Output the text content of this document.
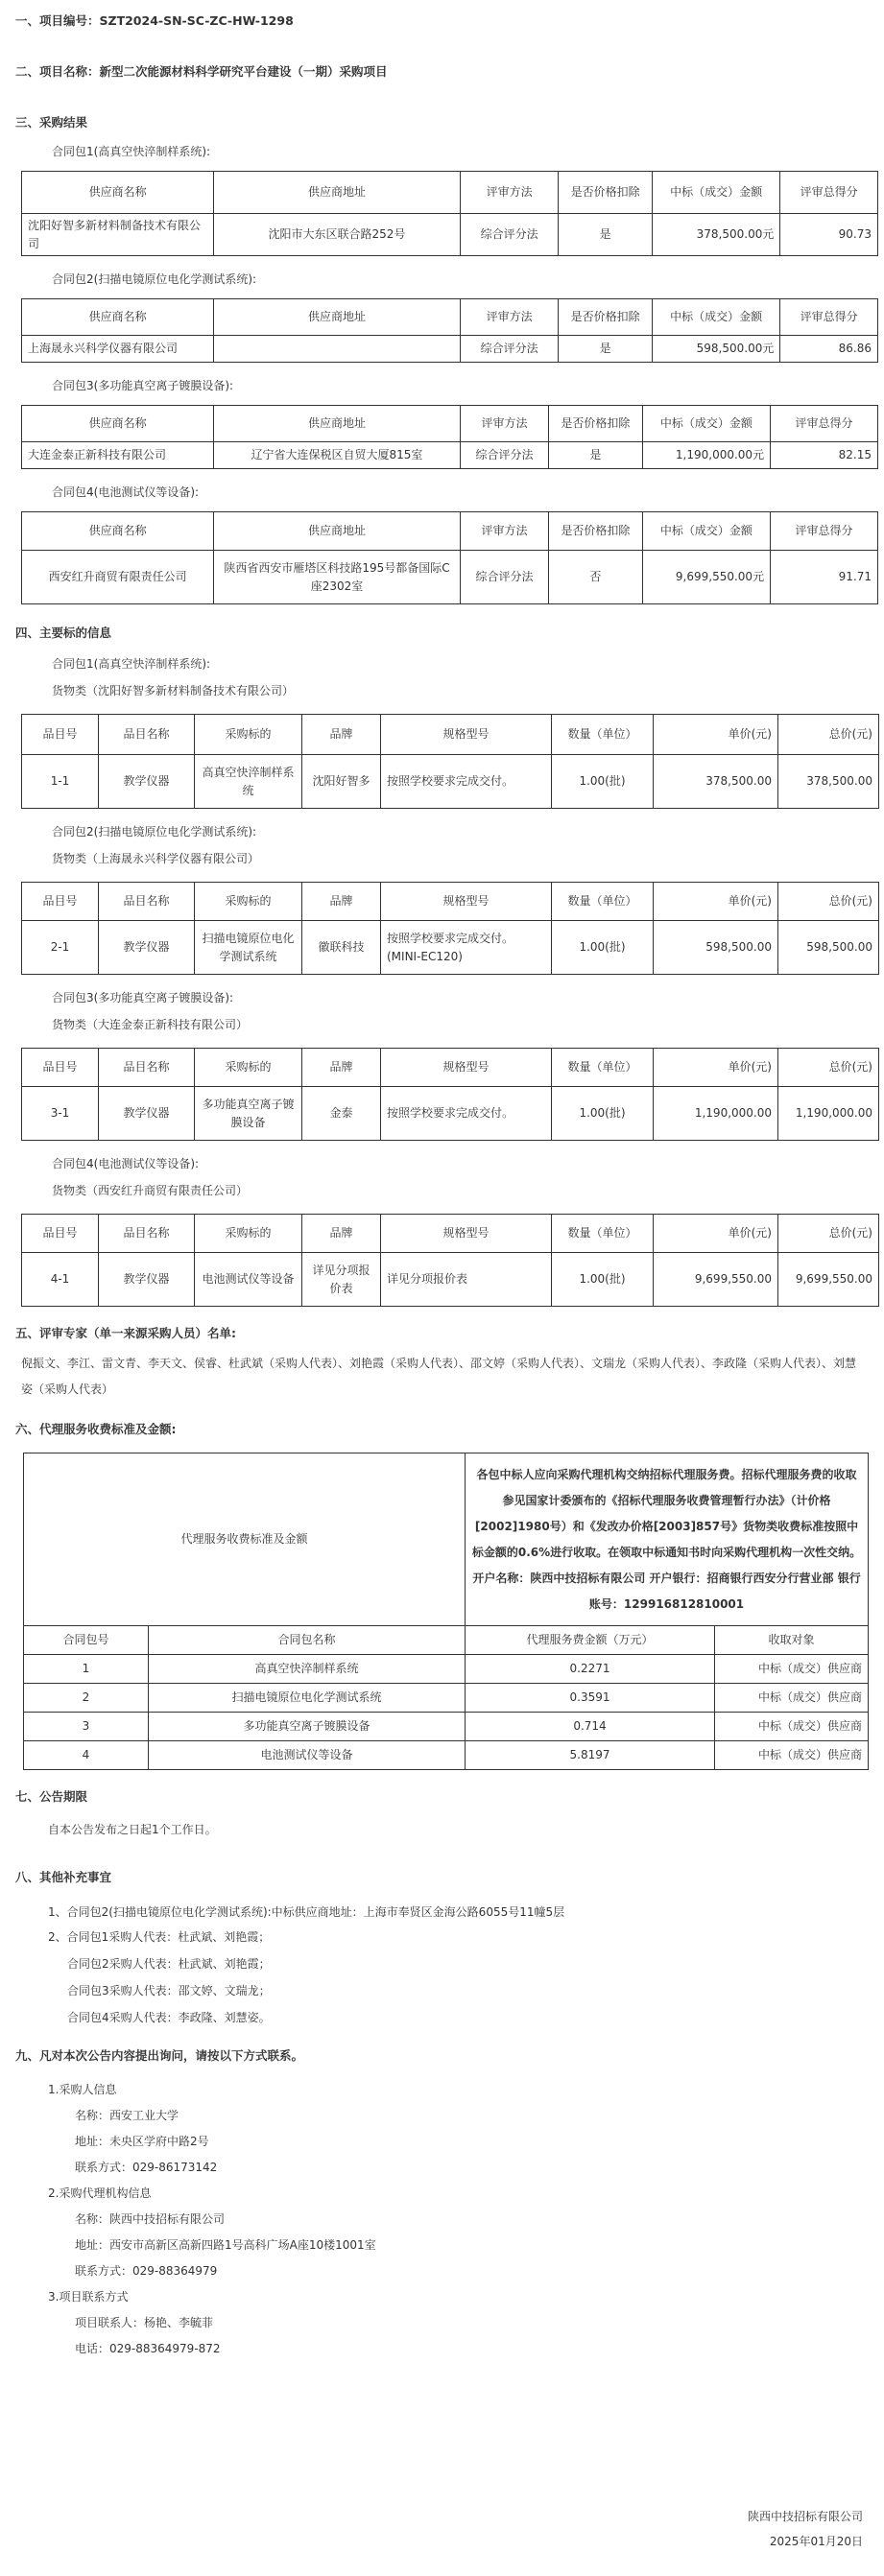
一、项目编号：SZT2024-SN-SC-ZC-HW-1298

二、项目名称：新型二次能源材料科学研究平台建设（一期）采购项目

三、采购结果

合同包1(高真空快淬制样系统):

供应商名称	供应商地址	评审方法	是否价格扣除	中标（成交）金额	评审总得分
沈阳好智多新材料制备技术有限公司	沈阳市大东区联合路252号	综合评分法	是	378,500.00元	90.73

合同包2(扫描电镜原位电化学测试系统):

供应商名称	供应商地址	评审方法	是否价格扣除	中标（成交）金额	评审总得分
上海晟永兴科学仪器有限公司		综合评分法	是	598,500.00元	86.86

合同包3(多功能真空离子镀膜设备):

供应商名称	供应商地址	评审方法	是否价格扣除	中标（成交）金额	评审总得分
大连金泰正新科技有限公司	辽宁省大连保税区自贸大厦815室	综合评分法	是	1,190,000.00元	82.15

合同包4(电池测试仪等设备):

供应商名称	供应商地址	评审方法	是否价格扣除	中标（成交）金额	评审总得分
西安红升商贸有限责任公司	陕西省西安市雁塔区科技路195号都备国际C座2302室	综合评分法	否	9,699,550.00元	91.71

四、主要标的信息

合同包1(高真空快淬制样系统):

货物类（沈阳好智多新材料制备技术有限公司）

品目号	品目名称	采购标的	品牌	规格型号	数量（单位）	单价(元)	总价(元)
1-1	教学仪器	高真空快淬制样系统	沈阳好智多	按照学校要求完成交付。	1.00(批)	378,500.00	378,500.00

合同包2(扫描电镜原位电化学测试系统):

货物类（上海晟永兴科学仪器有限公司）

品目号	品目名称	采购标的	品牌	规格型号	数量（单位）	单价(元)	总价(元)
2-1	教学仪器	扫描电镜原位电化学测试系统	徽联科技	按照学校要求完成交付。(MINI-EC120)	1.00(批)	598,500.00	598,500.00

合同包3(多功能真空离子镀膜设备):

货物类（大连金泰正新科技有限公司）

品目号	品目名称	采购标的	品牌	规格型号	数量（单位）	单价(元)	总价(元)
3-1	教学仪器	多功能真空离子镀膜设备	金泰	按照学校要求完成交付。	1.00(批)	1,190,000.00	1,190,000.00

合同包4(电池测试仪等设备):

货物类（西安红升商贸有限责任公司）

品目号	品目名称	采购标的	品牌	规格型号	数量（单位）	单价(元)	总价(元)
4-1	教学仪器	电池测试仪等设备	详见分项报价表	详见分项报价表	1.00(批)	9,699,550.00	9,699,550.00

五、评审专家（单一来源采购人员）名单:

倪振文、李江、雷文青、李天文、侯睿、杜武斌（采购人代表）、刘艳霞（采购人代表）、邵文婷（采购人代表）、文瑞龙（采购人代表）、李政隆（采购人代表）、刘慧姿（采购人代表）

六、代理服务收费标准及金额:

代理服务收费标准及金额		各包中标人应向采购代理机构交纳招标代理服务费。招标代理服务费的收取参见国家计委颁布的《招标代理服务收费管理暂行办法》（计价格[2002]1980号）和《发改办价格[2003]857号》货物类收费标准按照中标金额的0.6%进行收取。在领取中标通知书时向采购代理机构一次性交纳。开户名称：陕西中技招标有限公司 开户银行：招商银行西安分行营业部 银行账号：129916812810001	
合同包号	合同包名称	代理服务费金额（万元）	收取对象
1	高真空快淬制样系统	0.2271	中标（成交）供应商
2	扫描电镜原位电化学测试系统	0.3591	中标（成交）供应商
3	多功能真空离子镀膜设备	0.714	中标（成交）供应商
4	电池测试仪等设备	5.8197	中标（成交）供应商

七、公告期限

自本公告发布之日起1个工作日。

八、其他补充事宜

1、合同包2(扫描电镜原位电化学测试系统):中标供应商地址：上海市奉贤区金海公路6055号11幢5层

2、合同包1采购人代表：杜武斌、刘艳霞；

合同包2采购人代表：杜武斌、刘艳霞；

合同包3采购人代表：邵文婷、文瑞龙；

合同包4采购人代表：李政隆、刘慧姿。

九、凡对本次公告内容提出询问，请按以下方式联系。

1.采购人信息
名称：西安工业大学
地址：未央区学府中路2号
联系方式：029-86173142
2.采购代理机构信息
名称：陕西中技招标有限公司
地址：西安市高新区高新四路1号高科广场A座10楼1001室
联系方式：029-88364979
3.项目联系方式
项目联系人：杨艳、李毓菲
电话：029-88364979-872
陕西中技招标有限公司
2025年01月20日
